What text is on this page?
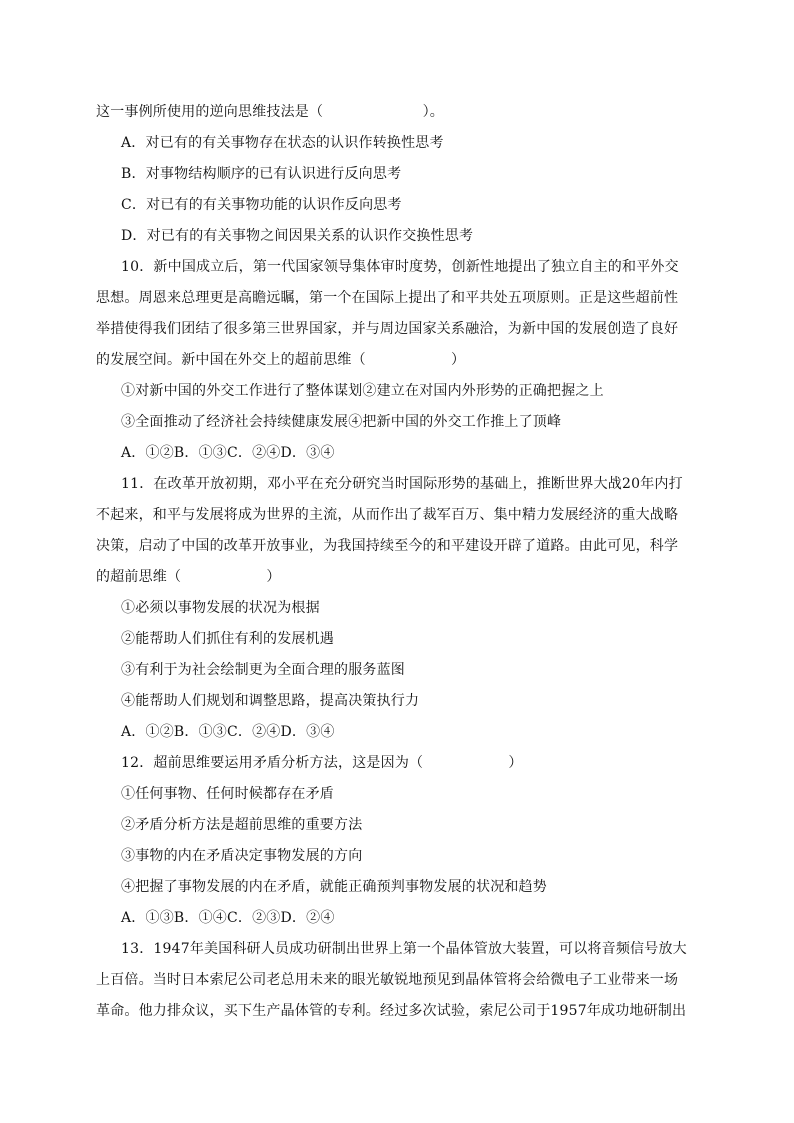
这一事例所使用的逆向思维技法是（　　　　　　　）。
A．对已有的有关事物存在状态的认识作转换性思考
B．对事物结构顺序的已有认识进行反向思考
C．对已有的有关事物功能的认识作反向思考
D．对已有的有关事物之间因果关系的认识作交换性思考
10．新中国成立后，第一代国家领导集体审时度势，创新性地提出了独立自主的和平外交
思想。周恩来总理更是高瞻远瞩，第一个在国际上提出了和平共处五项原则。正是这些超前性
举措使得我们团结了很多第三世界国家，并与周边国家关系融洽，为新中国的发展创造了良好
的发展空间。新中国在外交上的超前思维（　　　　　　）
①对新中国的外交工作进行了整体谋划②建立在对国内外形势的正确把握之上
③全面推动了经济社会持续健康发展④把新中国的外交工作推上了顶峰
A．①②B．①③C．②④D．③④
11．在改革开放初期，邓小平在充分研究当时国际形势的基础上，推断世界大战20年内打
不起来，和平与发展将成为世界的主流，从而作出了裁军百万、集中精力发展经济的重大战略
决策，启动了中国的改革开放事业，为我国持续至今的和平建设开辟了道路。由此可见，科学
的超前思维（　　　　　　）
①必须以事物发展的状况为根据
②能帮助人们抓住有利的发展机遇
③有利于为社会绘制更为全面合理的服务蓝图
④能帮助人们规划和调整思路，提高决策执行力
A．①②B．①③C．②④D．③④
12．超前思维要运用矛盾分析方法，这是因为（　　　　　　）
①任何事物、任何时候都存在矛盾
②矛盾分析方法是超前思维的重要方法
③事物的内在矛盾决定事物发展的方向
④把握了事物发展的内在矛盾，就能正确预判事物发展的状况和趋势
A．①③B．①④C．②③D．②④
13．1947年美国科研人员成功研制出世界上第一个晶体管放大装置，可以将音频信号放大
上百倍。当时日本索尼公司老总用未来的眼光敏锐地预见到晶体管将会给微电子工业带来一场
革命。他力排众议，买下生产晶体管的专利。经过多次试验，索尼公司于1957年成功地研制出
